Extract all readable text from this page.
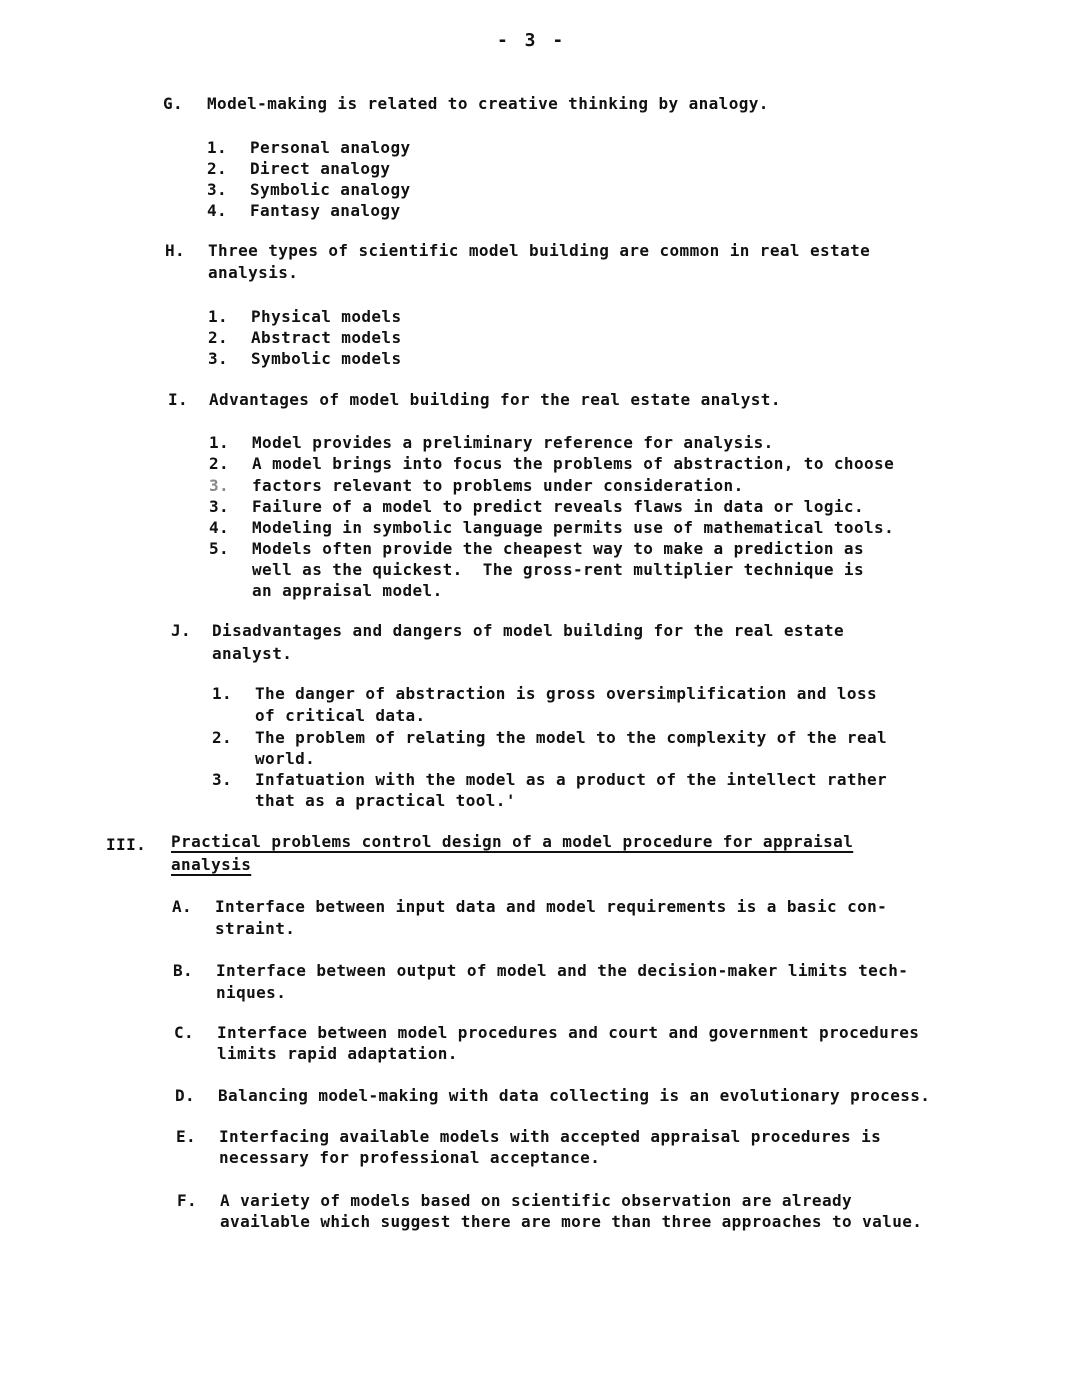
- 3 -
G. Model-making is related to creative thinking by analogy.
1. Personal analogy
2. Direct analogy
3. Symbolic analogy
4. Fantasy analogy
H. Three types of scientific model building are common in real estate
analysis.
1. Physical models
2. Abstract models
3. Symbolic models
I. Advantages of model building for the real estate analyst.
1. Model provides a preliminary reference for analysis.
2. A model brings into focus the problems of abstraction, to choose
3. factors relevant to problems under consideration.
3. Failure of a model to predict reveals flaws in data or logic.
4. Modeling in symbolic language permits use of mathematical tools.
5. Models often provide the cheapest way to make a prediction as
well as the quickest.  The gross-rent multiplier technique is
an appraisal model.
J. Disadvantages and dangers of model building for the real estate
analyst.
1. The danger of abstraction is gross oversimplification and loss
of critical data.
2. The problem of relating the model to the complexity of the real
world.
3. Infatuation with the model as a product of the intellect rather
that as a practical tool.'
III. Practical problems control design of a model procedure for appraisal
analysis
A. Interface between input data and model requirements is a basic con-
straint.
B. Interface between output of model and the decision-maker limits tech-
niques.
C. Interface between model procedures and court and government procedures
limits rapid adaptation.
D. Balancing model-making with data collecting is an evolutionary process.
E. Interfacing available models with accepted appraisal procedures is
necessary for professional acceptance.
F. A variety of models based on scientific observation are already
available which suggest there are more than three approaches to value.
